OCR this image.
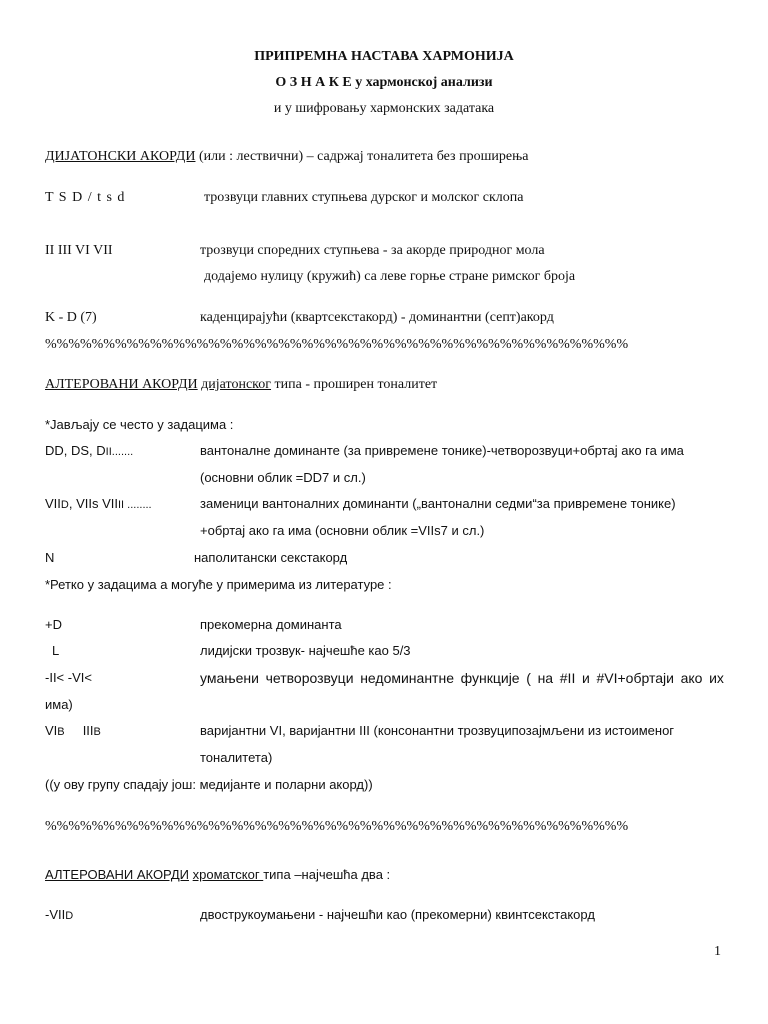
ПРИПРЕМНА НАСТАВА ХАРМОНИЈА
О З Н А К Е у хармонској анализи
и у шифровању хармонских задатака
ДИЈАТОНСКИ АКОРДИ (или : лествични) – садржај тоналитета без проширења
T S D / t s d	трозвуци главних ступњева дурског и молског склопа
II III VI VII	трозвуци споредних ступњева - за акорде природног мола
додајемо нулицу (кружић) са леве горње стране римског броја
K - D (7)	каденцирајући (квартсекстакорд) - доминантни (септ)акорд
%%%%%%%%%%%%%%%%%%%%%%%%%%%%%%%%%%%%%%%%%%%%%%%%%%
АЛТЕРОВАНИ АКОРДИ дијатонског типа - проширен тоналитет
*Јављају се често у задацима :
DD, DS, DII.......	вантоналне доминанте (за привремене тонике)-четворозвуци+обртај ако га има
(основни облик =DD7 и сл.)
VIID, VIIs VIIII ........	заменици вантоналних доминанти („вантонални седми“за привремене тонике)
+обртај ако га има (основни облик =VIIs7 и сл.)
N	наполитански секстакорд
*Ретко у задацима а могуће у примерима из литературе :
+D	прекомерна доминанта
L	лидијски трозвук- најчешће као 5/3
-II< -VI<	умањени четворозвуци недоминантне функције ( на #II и #VI+обртаји ако их
има)
VIB     IIIB	варијантни VI, варијантни III (консонантни трозвуципозајмљени из истоименог
тоналитета)
((у ову групу спадају још: медијанте и поларни акорд))
%%%%%%%%%%%%%%%%%%%%%%%%%%%%%%%%%%%%%%%%%%%%%%%%%%
АЛТЕРОВАНИ АКОРДИ хроматског типа –најчешћа два :
-VIID	двострукоумањени - најчешћи као (прекомерни) квинтсекстакорд
1
